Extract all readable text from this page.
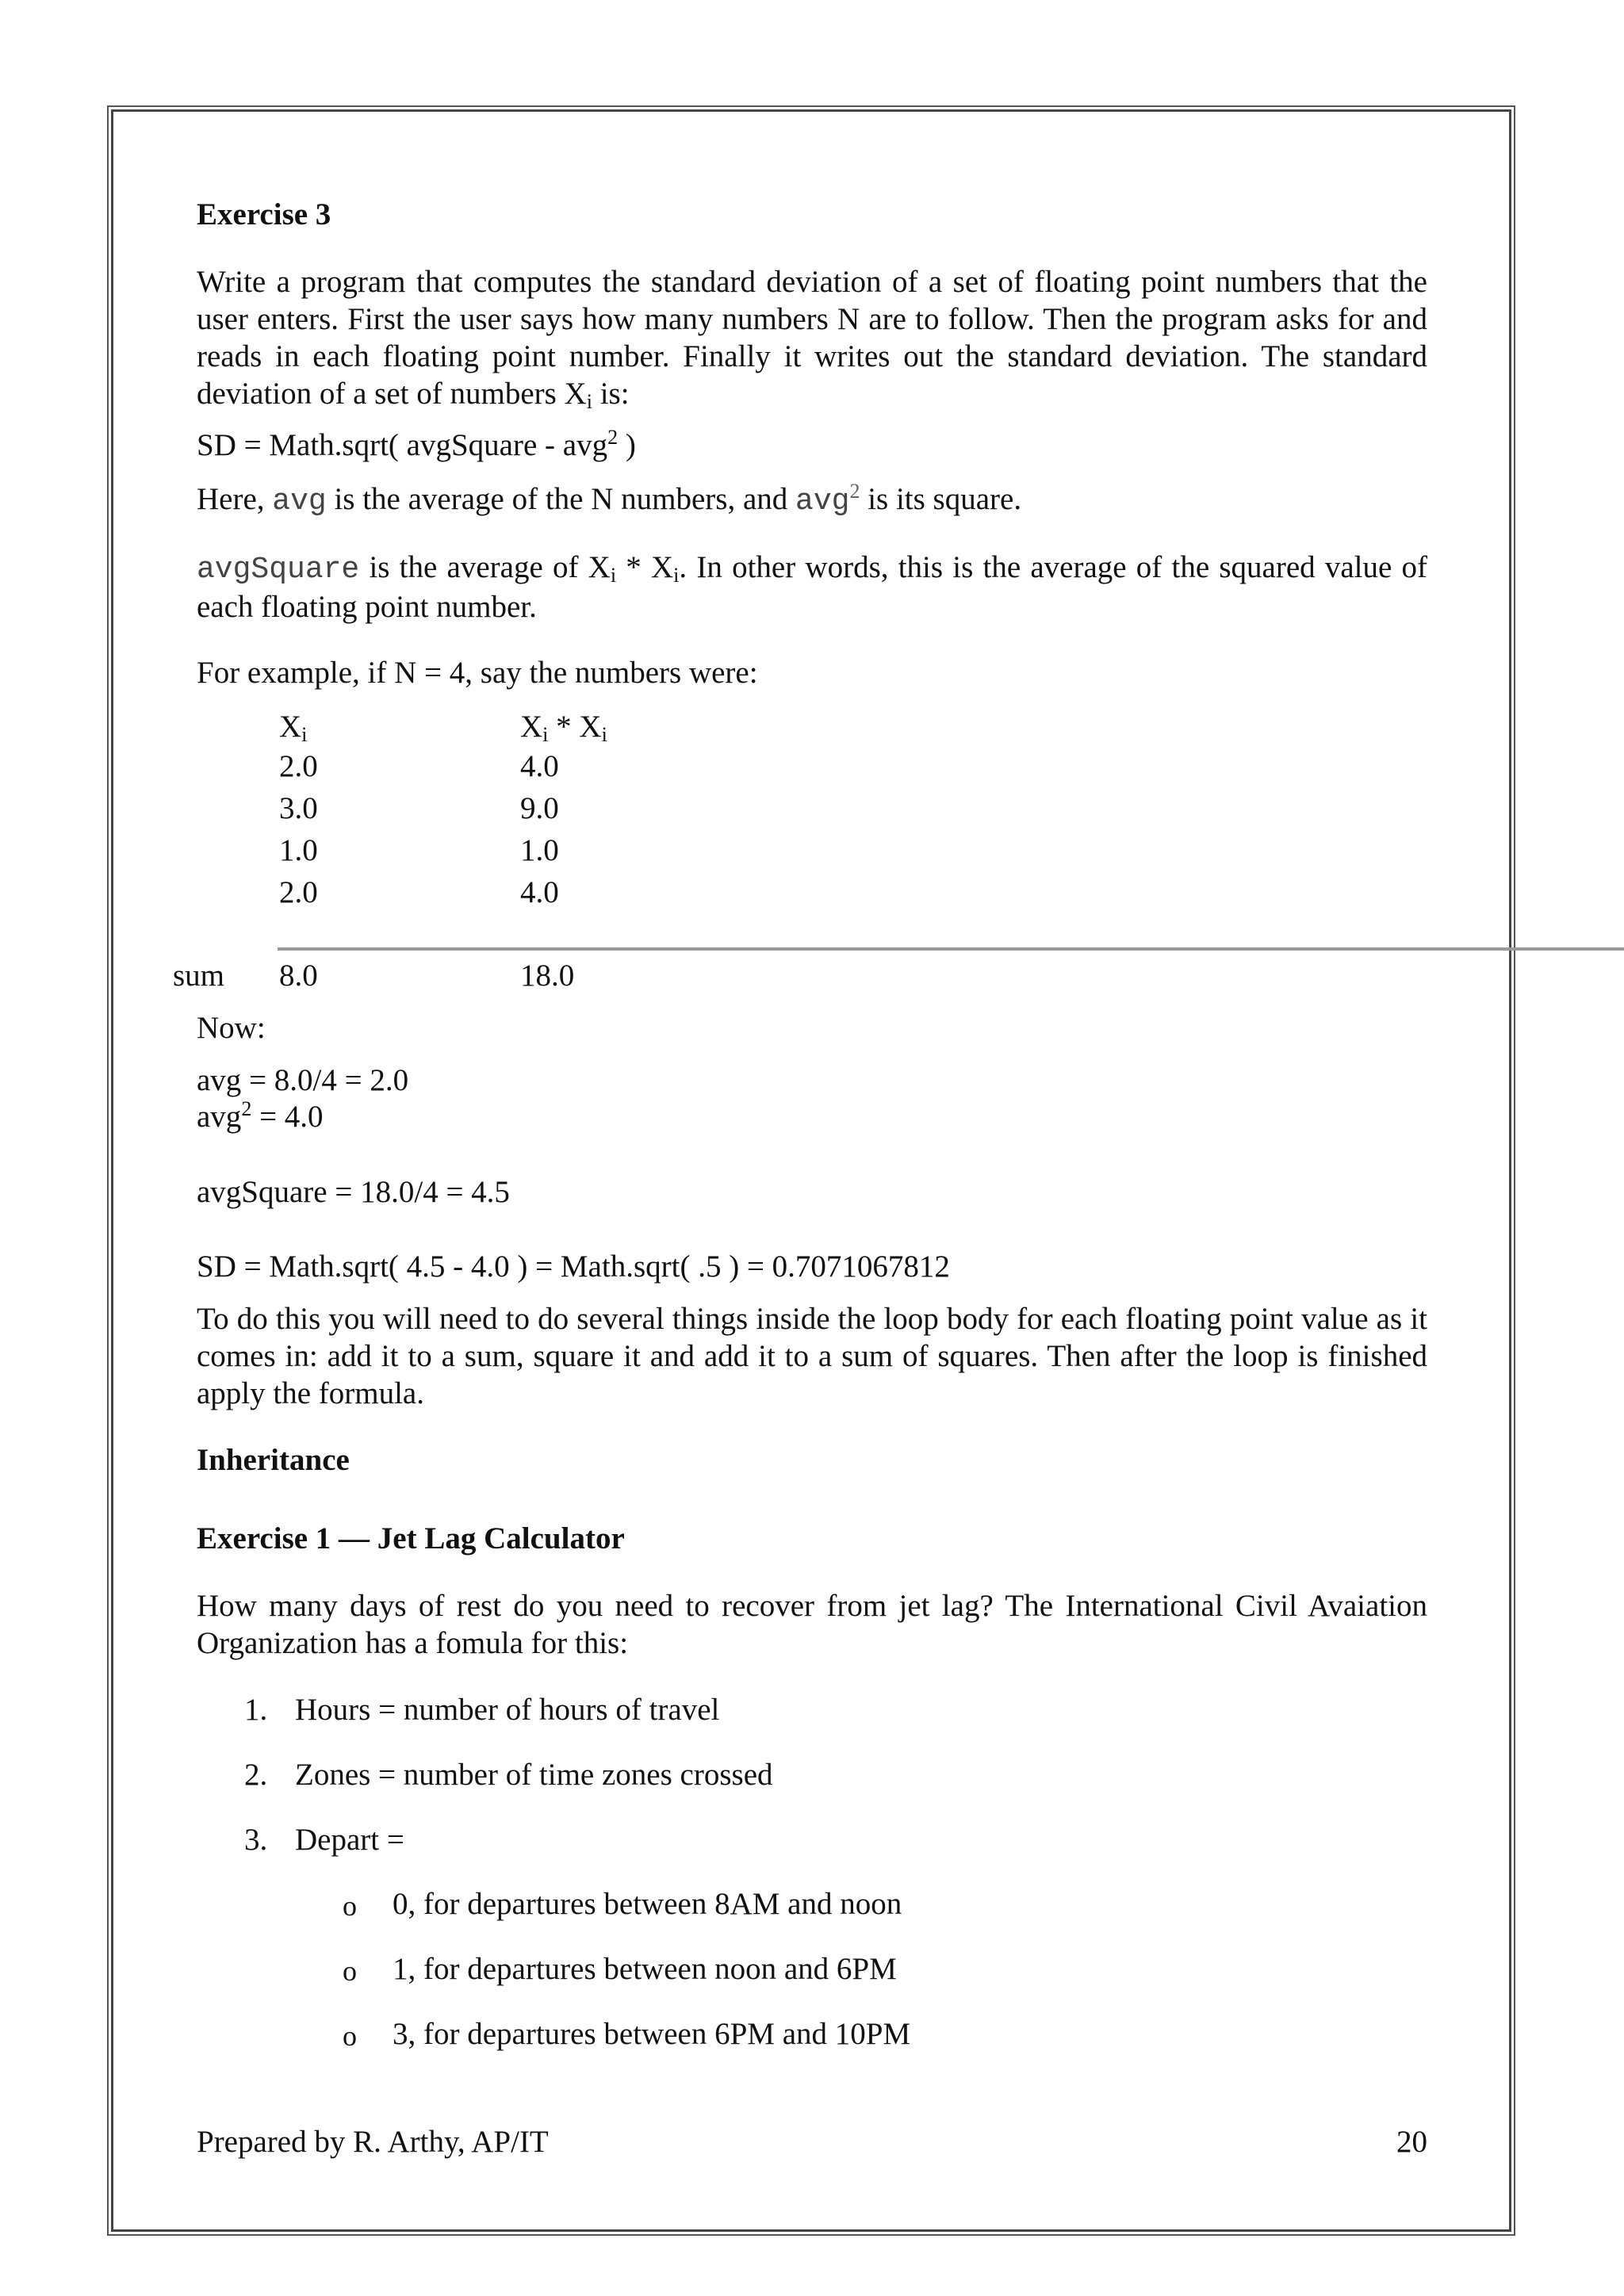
Exercise 3
Write a program that computes the standard deviation of a set of floating point numbers that the user enters. First the user says how many numbers N are to follow. Then the program asks for and reads in each floating point number. Finally it writes out the standard deviation. The standard deviation of a set of numbers $X_i$ is:
SD = Math.sqrt( avgSquare - avg$^2$ )
Here, avg is the average of the N numbers, and avg$^2$ is its square.
avgSquare is the average of $X_i * X_i$. In other words, this is the average of the squared value of each floating point number.
For example, if N = 4, say the numbers were:
$X_i$	$X_i * X_i$
2.0	4.0
3.0	9.0
1.0	1.0
2.0	4.0
sum 8.0	18.0
Now:
avg = 8.0/4 = 2.0
avg$^2$ = 4.0
avgSquare = 18.0/4 = 4.5
SD = Math.sqrt( 4.5 - 4.0 ) = Math.sqrt( .5 ) = 0.7071067812
To do this you will need to do several things inside the loop body for each floating point value as it comes in: add it to a sum, square it and add it to a sum of squares. Then after the loop is finished apply the formula.
Inheritance
Exercise 1 — Jet Lag Calculator
How many days of rest do you need to recover from jet lag? The International Civil Avaiation Organization has a fomula for this:
1. Hours = number of hours of travel
2. Zones = number of time zones crossed
3. Depart =
o 0, for departures between 8AM and noon
o 1, for departures between noon and 6PM
o 3, for departures between 6PM and 10PM
Prepared by R. Arthy, AP/IT	20
